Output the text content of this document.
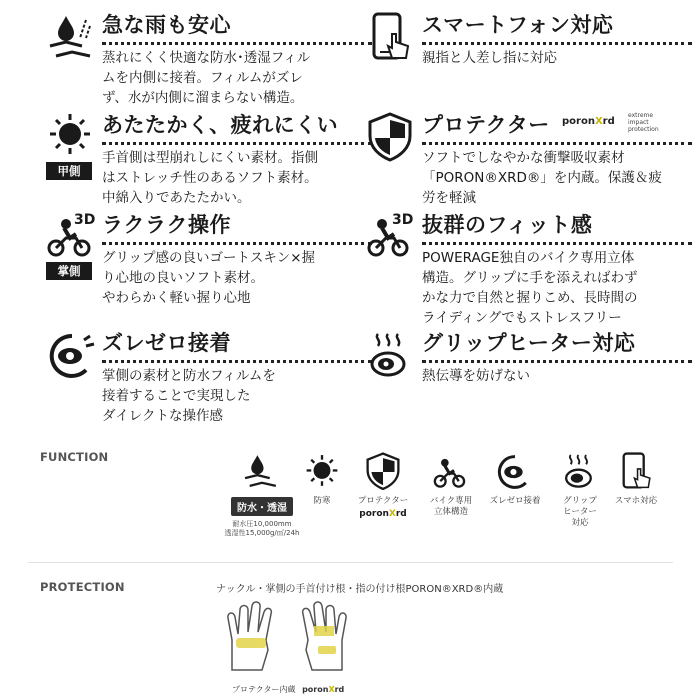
急な雨も安心
蒸れにくく快適な防水･透湿フィル
ムを内側に接着。フィルムがズレ
ず、水が内側に溜まらない構造。
スマートフォン対応
親指と人差し指に対応
甲側
あたたかく、疲れにくい
手首側は型崩れしにくい素材。指側
はストレッチ性のあるソフト素材。
中綿入りであたたかい。
プロテクター poronXrd
extreme
impact
protection
ソフトでしなやかな衝撃吸収素材
「PORON®XRD®」を内蔵。保護＆疲
労を軽減
3D
掌側
ラクラク操作
グリップ感の良いゴートスキン×握
り心地の良いソフト素材。
やわらかく軽い握り心地
3D 抜群のフィット感
POWERAGE独自のバイク専用立体
構造。グリップに手を添えればわず
かな力で自然と握りこめ、長時間の
ライディングでもストレスフリー
ズレゼロ接着
掌側の素材と防水フィルムを
接着することで実現した
ダイレクトな操作感
グリップヒーター対応
熱伝導を妨げない
FUNCTION
防水・透湿
耐水圧10,000mm
透湿性15,000g/㎡/24h
防寒	プロテクター
poronXrd
バイク専用
立体構造
ズレゼロ接着	グリップ
ヒーター
対応
スマホ対応
PROTECTION	ナックル・掌側の手首付け根・指の付け根PORON®XRD®内蔵
プロテクター内蔵 poronXrd
